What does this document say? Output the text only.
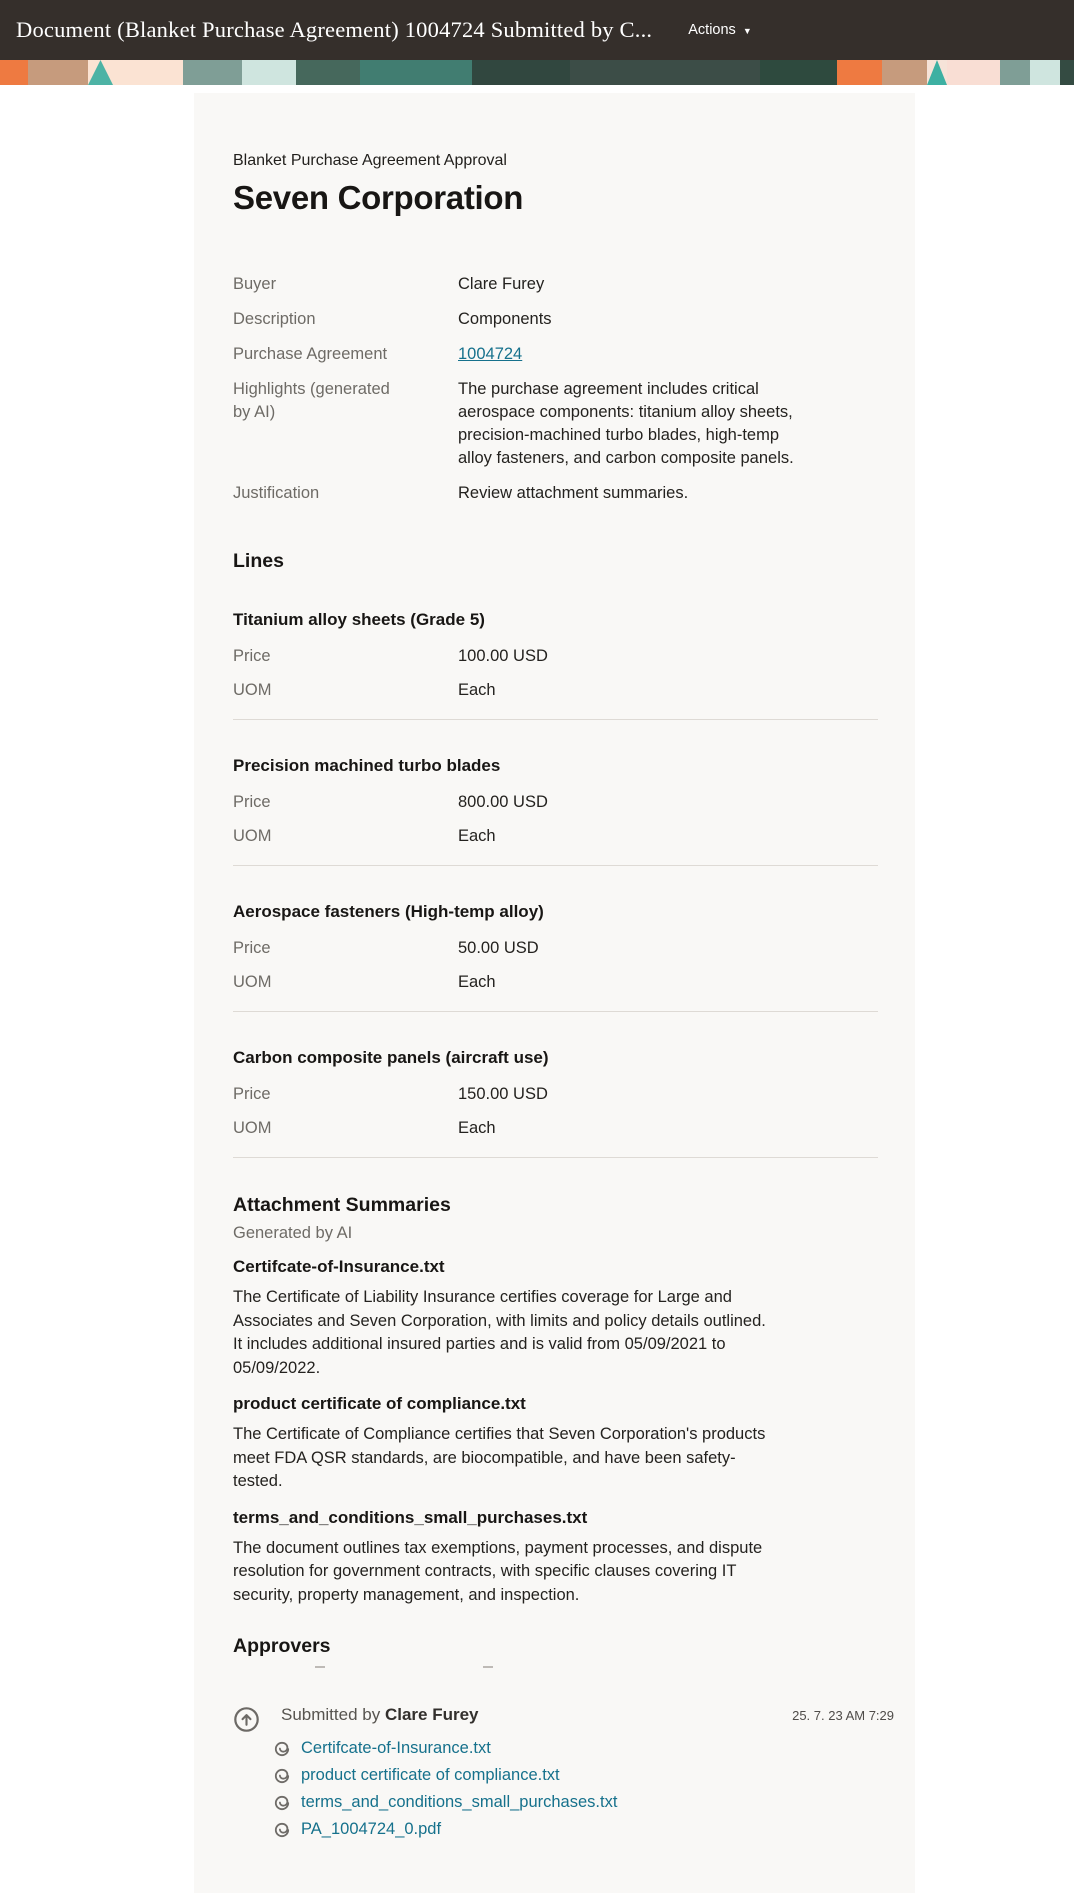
Document (Blanket Purchase Agreement) 1004724 Submitted by C... Actions ▼
Blanket Purchase Agreement Approval
Seven Corporation
Buyer	Clare Furey
Description	Components
Purchase Agreement	1004724
Highlights (generated
by AI)
The purchase agreement includes critical
aerospace components: titanium alloy sheets,
precision-machined turbo blades, high-temp
alloy fasteners, and carbon composite panels.
Justification	Review attachment summaries.
Lines
Titanium alloy sheets (Grade 5)
Price	100.00 USD
UOM	Each
Precision machined turbo blades
Price	800.00 USD
UOM	Each
Aerospace fasteners (High-temp alloy)
Price	50.00 USD
UOM	Each
Carbon composite panels (aircraft use)
Price	150.00 USD
UOM	Each
Attachment Summaries
Generated by AI
Certifcate-of-Insurance.txt

The Certificate of Liability Insurance certifies coverage for Large and
Associates and Seven Corporation, with limits and policy details outlined.
It includes additional insured parties and is valid from 05/09/2021 to
05/09/2022.

product certificate of compliance.txt

The Certificate of Compliance certifies that Seven Corporation's products
meet FDA QSR standards, are biocompatible, and have been safety-
tested.

terms_and_conditions_small_purchases.txt

The document outlines tax exemptions, payment processes, and dispute
resolution for government contracts, with specific clauses covering IT
security, property management, and inspection.

Approvers
Submitted by Clare Furey	25. 7. 23 AM 7:29
Certifcate-of-Insurance.txt
product certificate of compliance.txt
terms_and_conditions_small_purchases.txt
PA_1004724_0.pdf
